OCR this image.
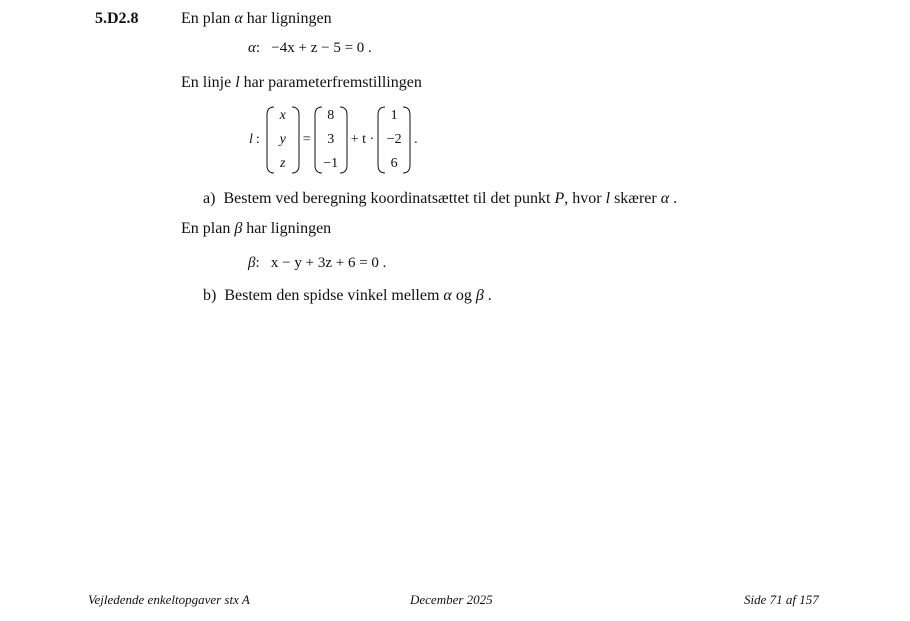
5.D2.8	En plan α har ligningen
α: −4x + z − 5 = 0 .
En linje l har parameterfremstillingen
l :
x
y
z
=
8
3
−1
+ t ·
1
−2
6
.
a) Bestem ved beregning koordinatsættet til det punkt P, hvor l skærer α .
En plan β har ligningen
β: x − y + 3z + 6 = 0 .
b) Bestem den spidse vinkel mellem α og β .
Vejledende enkeltopgaver stx A	December 2025	Side 71 af 157
